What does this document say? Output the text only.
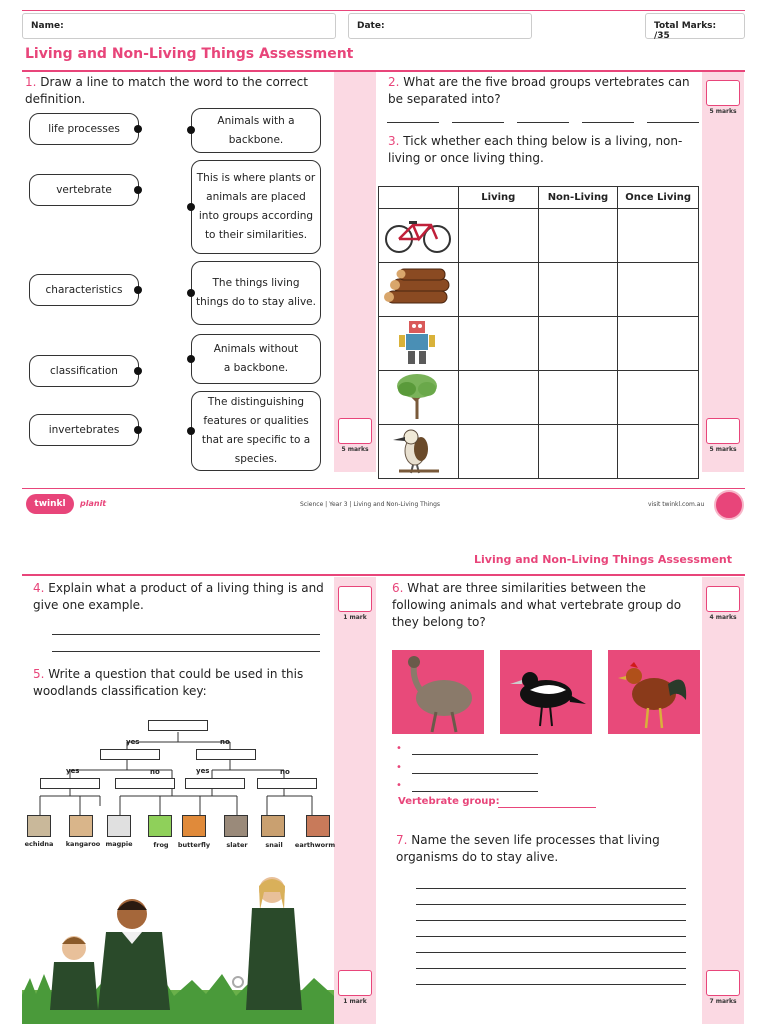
Name:	Date:	Total Marks:   /35
Living and Non-Living Things Assessment
1. Draw a line to match the word to the correct definition.
life processes
vertebrate
characteristics
classification
invertebrates
Animals with a backbone.
This is where plants or animals are placed into groups according to their similarities.
The things living things do to stay alive.
Animals without a backbone.
The distinguishing features or qualities that are specific to a species.
5 marks
2. What are the five broad groups vertebrates can be separated into?
5 marks
3. Tick whether each thing below is a living, non-living or once living thing.
	Living	Non-Living	Once Living

5 marks
twinkl	planit	Science | Year 3 | Living and Non-Living Things	visit twinkl.com.au
Living and Non-Living Things Assessment
4. Explain what a product of a living thing is and give one example.
1 mark
5. Write a question that could be used in this woodlands classification key:
yes	no
yes	no	yes	no
echidna	kangaroo magpie	frog	butterfly	slater	snail	earthworm
1 mark
6. What are three similarities between the following animals and what vertebrate group do they belong to?	4 marks
•
•
•
Vertebrate group:
7. Name the seven life processes that living organisms do to stay alive.
7 marks
